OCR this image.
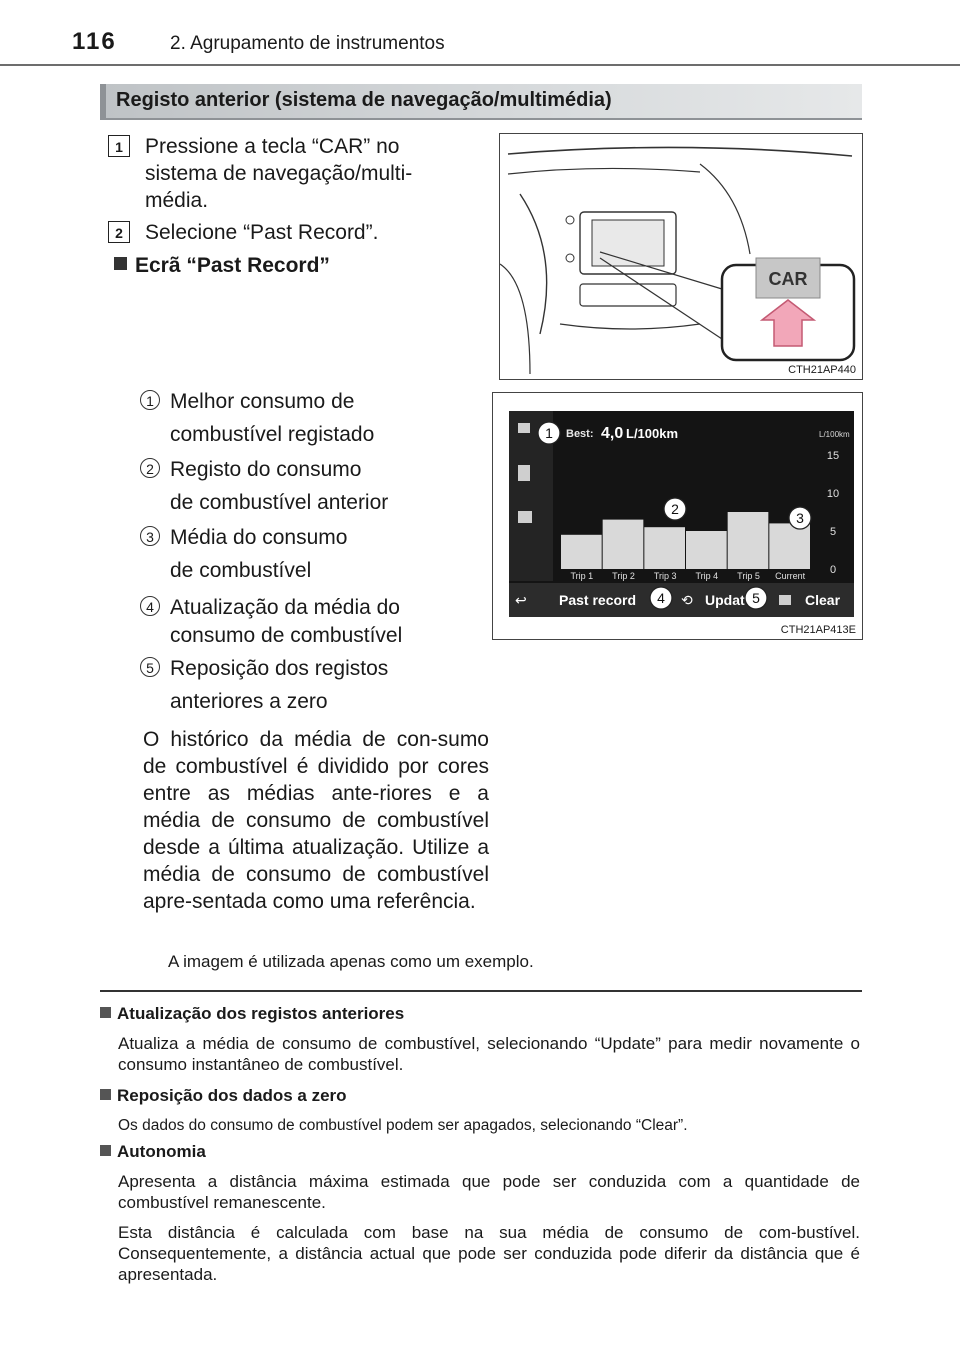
116	2. Agrupamento de instrumentos
Registo anterior (sistema de navegação/multimédia)
1	Pressione a tecla “CAR” no sistema de navegação/multi-média.
2	Selecione “Past Record”.
Ecrã “Past Record”
CAR
CTH21AP440
Best: 4,0 L/100km	L/100km
15
10
5
0
Trip 1 Trip 2 Trip 3 Trip 4 Trip 5 Current
↩ Past record	⟲ Updat	Clear
1
2
3
4	5
CTH21AP413E
1 Melhor consumo de
combustível registado
2 Registo do consumo
de combustível anterior
3 Média do consumo
de combustível
4 Atualização da média do
consumo de combustível
5 Reposição dos registos
anteriores a zero
O histórico da média de con-sumo de combustível é dividido por cores entre as médias ante-riores e a média de consumo de combustível desde a última atualização. Utilize a média de consumo de combustível apre-sentada como uma referência.
A imagem é utilizada apenas como um exemplo.
Atualização dos registos anteriores
Atualiza a média de consumo de combustível, selecionando “Update” para medir novamente o consumo instantâneo de combustível.
Reposição dos dados a zero
Os dados do consumo de combustível podem ser apagados, selecionando “Clear”.
Autonomia
Apresenta a distância máxima estimada que pode ser conduzida com a quantidade de combustível remanescente.
Esta distância é calculada com base na sua média de consumo de com-bustível. Consequentemente, a distância actual que pode ser conduzida pode diferir da distância que é apresentada.
